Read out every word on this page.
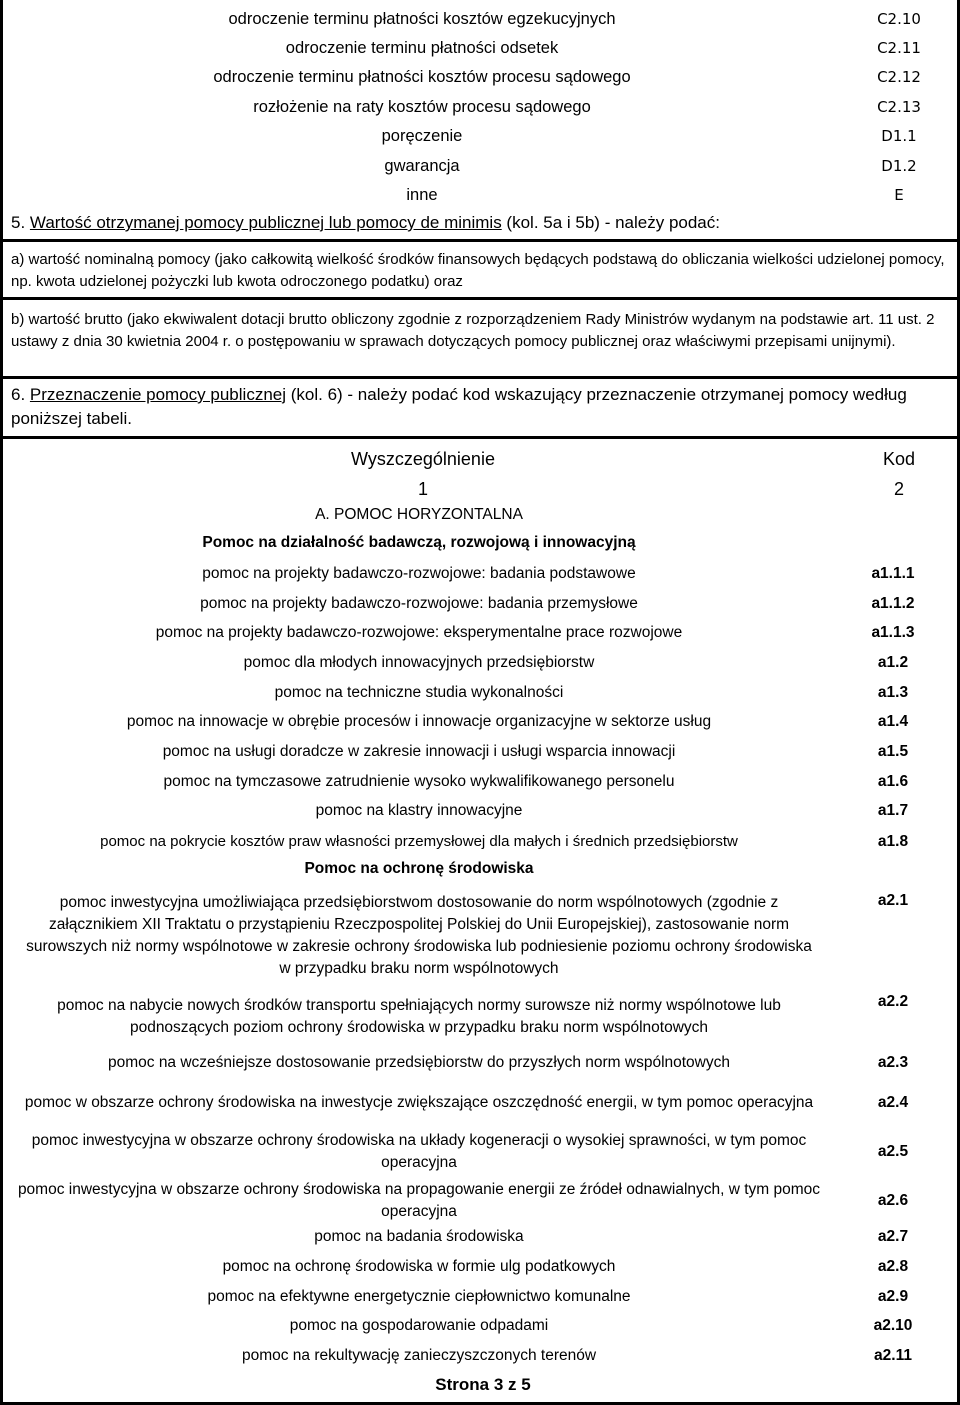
odroczenie terminu płatności kosztów egzekucyjnych	C2.10
odroczenie terminu płatności odsetek	C2.11
odroczenie terminu płatności kosztów procesu sądowego	C2.12
rozłożenie na raty kosztów procesu sądowego	C2.13
poręczenie	D1.1
gwarancja	D1.2
inne	E
5. Wartość otrzymanej pomocy publicznej lub pomocy de minimis (kol. 5a i 5b) - należy podać:
a) wartość nominalną pomocy (jako całkowitą wielkość środków finansowych będących podstawą do obliczania wielkości udzielonej pomocy, np. kwota udzielonej pożyczki lub kwota odroczonego podatku) oraz
b) wartość brutto (jako ekwiwalent dotacji brutto obliczony zgodnie z rozporządzeniem Rady Ministrów wydanym na podstawie art. 11 ust. 2 ustawy z dnia 30 kwietnia 2004 r. o postępowaniu w sprawach dotyczących pomocy publicznej oraz właściwymi przepisami unijnymi).
6. Przeznaczenie pomocy publicznej (kol. 6) - należy podać kod wskazujący przeznaczenie otrzymanej pomocy według poniższej tabeli.
Wyszczególnienie	Kod
1	2
A. POMOC HORYZONTALNA
Pomoc na działalność badawczą, rozwojową i innowacyjną
pomoc na projekty badawczo-rozwojowe: badania podstawowe	a1.1.1
pomoc na projekty badawczo-rozwojowe: badania przemysłowe	a1.1.2
pomoc na projekty badawczo-rozwojowe: eksperymentalne prace rozwojowe	a1.1.3
pomoc dla młodych innowacyjnych przedsiębiorstw	a1.2
pomoc na techniczne studia wykonalności	a1.3
pomoc na innowacje w obrębie procesów i innowacje organizacyjne w sektorze usług	a1.4
pomoc na usługi doradcze w zakresie innowacji i usługi wsparcia innowacji	a1.5
pomoc na tymczasowe zatrudnienie wysoko wykwalifikowanego personelu	a1.6
pomoc na klastry innowacyjne	a1.7
pomoc na pokrycie kosztów praw własności przemysłowej dla małych i średnich przedsiębiorstw	a1.8
Pomoc na ochronę środowiska
pomoc inwestycyjna umożliwiająca przedsiębiorstwom dostosowanie do norm wspólnotowych (zgodnie z załącznikiem XII Traktatu o przystąpieniu Rzeczpospolitej Polskiej do Unii Europejskiej), zastosowanie norm surowszych niż normy wspólnotowe w zakresie ochrony środowiska lub podniesienie poziomu ochrony środowiska w przypadku braku norm wspólnotowych
a2.1
pomoc na nabycie nowych środków transportu spełniających normy surowsze niż normy wspólnotowe lub podnoszących poziom ochrony środowiska w przypadku braku norm wspólnotowych
a2.2
pomoc na wcześniejsze dostosowanie przedsiębiorstw do przyszłych norm wspólnotowych	a2.3
pomoc w obszarze ochrony środowiska na inwestycje zwiększające oszczędność energii, w tym pomoc operacyjna	a2.4
pomoc inwestycyjna w obszarze ochrony środowiska na układy kogeneracji o wysokiej sprawności, w tym pomoc operacyjna
a2.5
pomoc inwestycyjna w obszarze ochrony środowiska na propagowanie energii ze źródeł odnawialnych, w tym pomoc operacyjna
a2.6
pomoc na badania środowiska	a2.7
pomoc na ochronę środowiska w formie ulg podatkowych	a2.8
pomoc na efektywne energetycznie ciepłownictwo komunalne	a2.9
pomoc na gospodarowanie odpadami	a2.10
pomoc na rekultywację zanieczyszczonych terenów	a2.11
Strona 3 z 5
